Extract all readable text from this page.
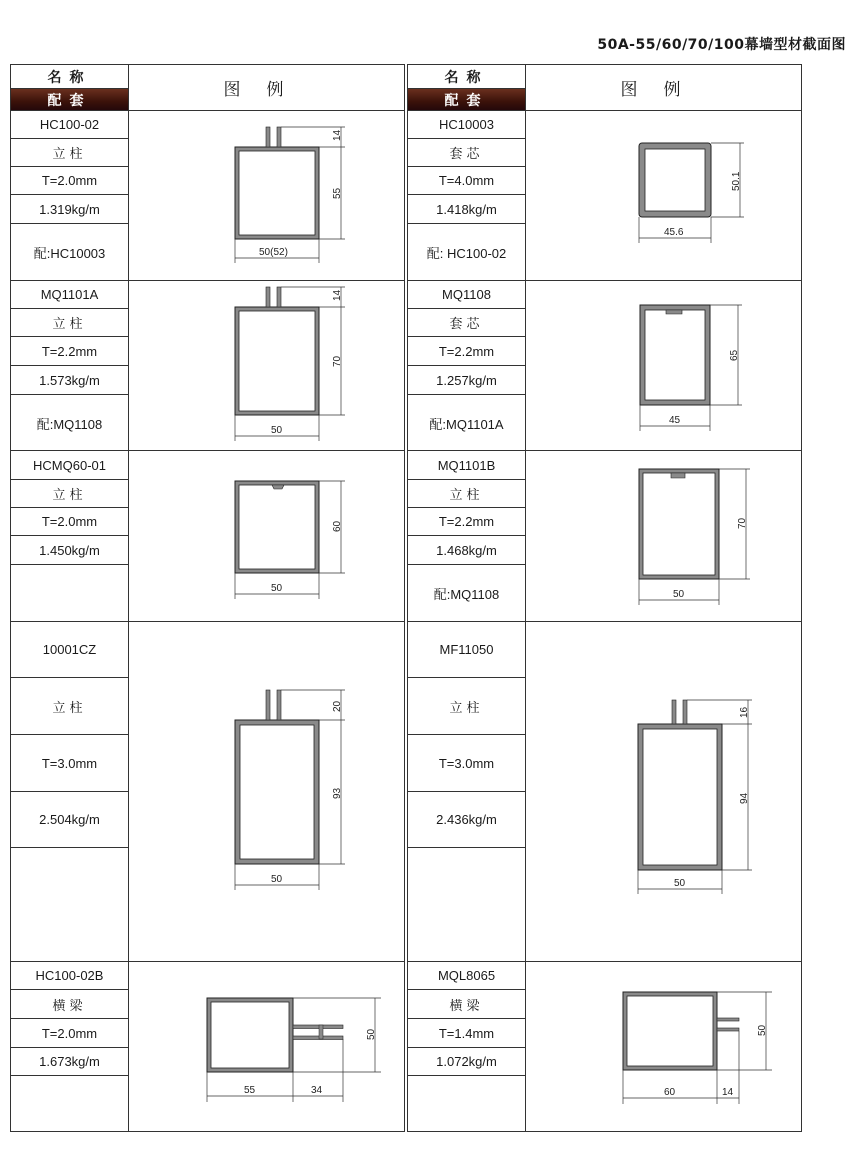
50A-55/60/70/100幕墙型材截面图
名称
配套
图例
HC100-02
立柱
T=2.0mm
1.319kg/m
配:HC10003
14
55
50(52)
MQ1101A
立柱
T=2.2mm
1.573kg/m
配:MQ1108
14
70
50
HCMQ60-01
立柱
T=2.0mm
1.450kg/m
60
50
10001CZ
立柱
T=3.0mm
2.504kg/m
20
93
50
HC100-02B
横梁
T=2.0mm
1.673kg/m
50
55	34
名称
配套
图例
HC10003
套芯
T=4.0mm
1.418kg/m
配: HC100-02
50.1
45.6
MQ1108
套芯
T=2.2mm
1.257kg/m
配:MQ1101A
65
45
MQ1101B
立柱
T=2.2mm
1.468kg/m
配:MQ1108
70
50
MF11050
立柱
T=3.0mm
2.436kg/m
16
94
50
MQL8065
横梁
T=1.4mm
1.072kg/m
50
60	14
